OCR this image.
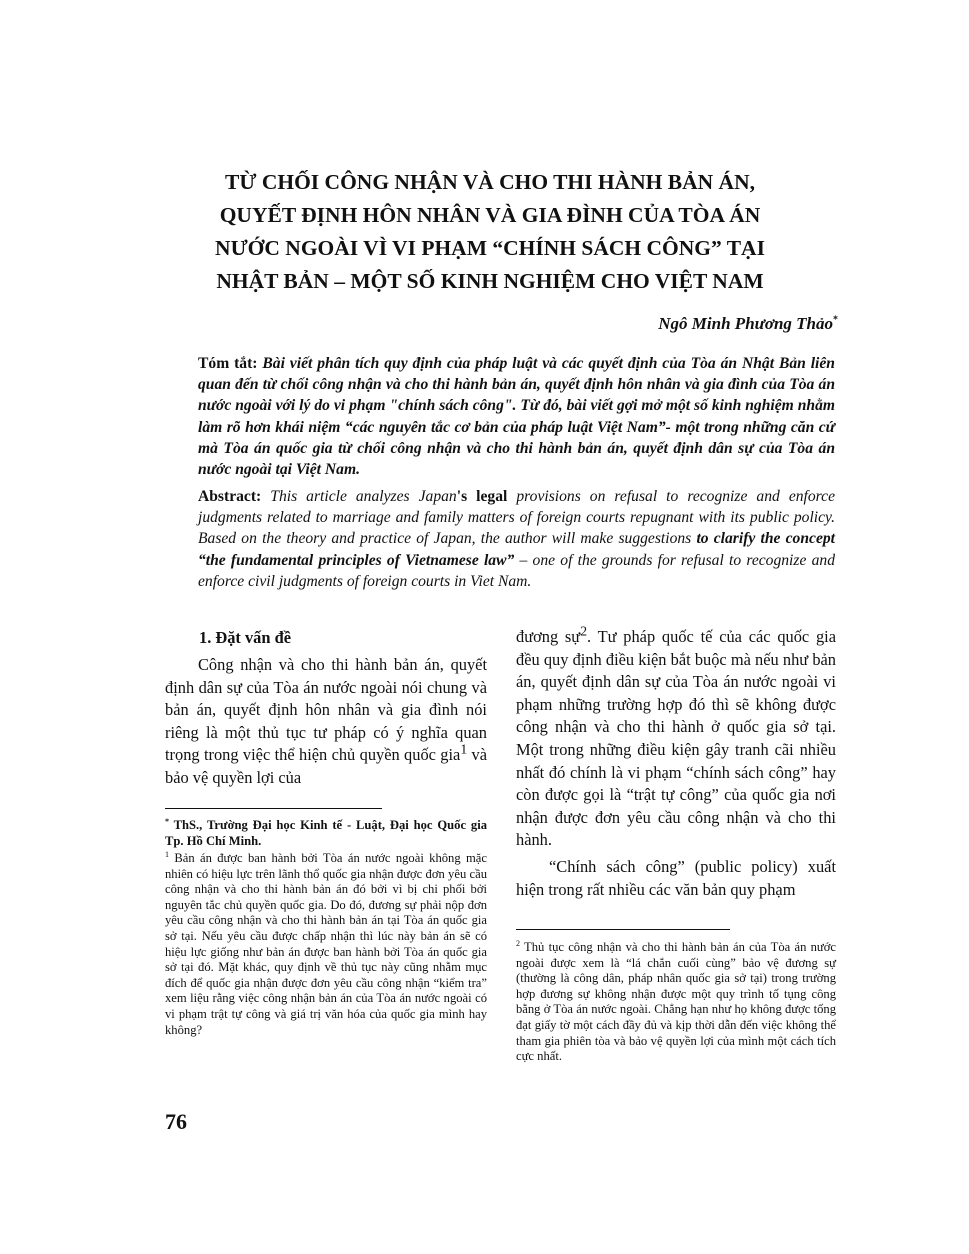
TỪ CHỐI CÔNG NHẬN VÀ CHO THI HÀNH BẢN ÁN,
QUYẾT ĐỊNH HÔN NHÂN VÀ GIA ĐÌNH CỦA TÒA ÁN
NƯỚC NGOÀI VÌ VI PHẠM “CHÍNH SÁCH CÔNG” TẠI
NHẬT BẢN – MỘT SỐ KINH NGHIỆM CHO VIỆT NAM
Ngô Minh Phương Thảo*

Tóm tắt: Bài viết phân tích quy định của pháp luật và các quyết định của Tòa án Nhật Bản liên quan đến từ chối công nhận và cho thi hành bản án, quyết định hôn nhân và gia đình của Tòa án nước ngoài với lý do vi phạm "chính sách công". Từ đó, bài viết gợi mở một số kinh nghiệm nhằm làm rõ hơn khái niệm “các nguyên tắc cơ bản của pháp luật Việt Nam”- một trong những căn cứ mà Tòa án quốc gia từ chối công nhận và cho thi hành bản án, quyết định dân sự của Tòa án nước ngoài tại Việt Nam.

Abstract: This article analyzes Japan's legal provisions on refusal to recognize and enforce judgments related to marriage and family matters of foreign courts repugnant with its public policy. Based on the theory and practice of Japan, the author will make suggestions to clarify the concept “the fundamental principles of Vietnamese law” – one of the grounds for refusal to recognize and enforce civil judgments of foreign courts in Viet Nam.

1. Đặt vấn đề

Công nhận và cho thi hành bản án, quyết định dân sự của Tòa án nước ngoài nói chung và bản án, quyết định hôn nhân và gia đình nói riêng là một thủ tục tư pháp có ý nghĩa quan trọng trong việc thể hiện chủ quyền quốc gia$^1$ và bảo vệ quyền lợi của

đương sự$^2$. Tư pháp quốc tế của các quốc gia đều quy định điều kiện bắt buộc mà nếu như bản án, quyết định dân sự của Tòa án nước ngoài vi phạm những trường hợp đó thì sẽ không được công nhận và cho thi hành ở quốc gia sở tại. Một trong những điều kiện gây tranh cãi nhiều nhất đó chính là vi phạm “chính sách công” hay còn được gọi là “trật tự công” của quốc gia nơi nhận được đơn yêu cầu công nhận và cho thi hành.

“Chính sách công” (public policy) xuất hiện trong rất nhiều các văn bản quy phạm

* ThS., Trường Đại học Kinh tế - Luật, Đại học Quốc gia Tp. Hồ Chí Minh.

$^1$ Bản án được ban hành bởi Tòa án nước ngoài không mặc nhiên có hiệu lực trên lãnh thổ quốc gia nhận được đơn yêu cầu công nhận và cho thi hành bản án đó bởi vì bị chi phối bởi nguyên tắc chủ quyền quốc gia. Do đó, đương sự phải nộp đơn yêu cầu công nhận và cho thi hành bản án tại Tòa án quốc gia sở tại. Nếu yêu cầu được chấp nhận thì lúc này bản án sẽ có hiệu lực giống như bản án được ban hành bởi Tòa án quốc gia sở tại đó. Mặt khác, quy định về thủ tục này cũng nhằm mục đích để quốc gia nhận được đơn yêu cầu công nhận “kiểm tra” xem liệu rằng việc công nhận bản án của Tòa án nước ngoài có vi phạm trật tự công và giá trị văn hóa của quốc gia mình hay không?

$^2$ Thủ tục công nhận và cho thi hành bản án của Tòa án nước ngoài được xem là “lá chắn cuối cùng” bảo vệ đương sự (thường là công dân, pháp nhân quốc gia sở tại) trong trường hợp đương sự không nhận được một quy trình tố tụng công bằng ở Tòa án nước ngoài. Chẳng hạn như họ không được tống đạt giấy tờ một cách đầy đủ và kịp thời dẫn đến việc không thể tham gia phiên tòa và bảo vệ quyền lợi của mình một cách tích cực nhất.

76
